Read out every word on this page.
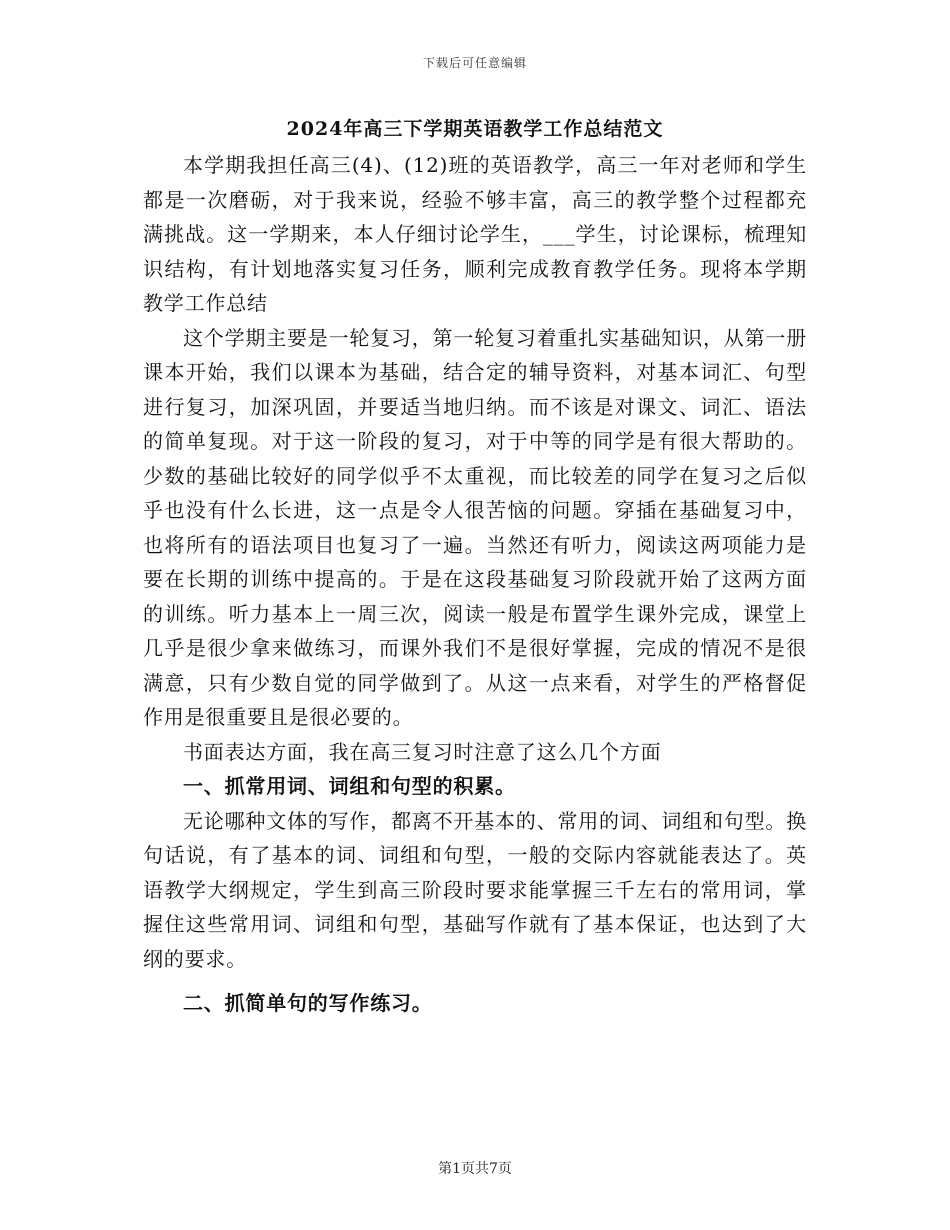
下载后可任意编辑
2024年高三下学期英语教学工作总结范文

本学期我担任高三(4)、(12)班的英语教学，高三一年对老师和学生都是一次磨砺，对于我来说，经验不够丰富，高三的教学整个过程都充满挑战。这一学期来，本人仔细讨论学生，___学生，讨论课标，梳理知识结构，有计划地落实复习任务，顺利完成教育教学任务。现将本学期教学工作总结

这个学期主要是一轮复习，第一轮复习着重扎实基础知识，从第一册课本开始，我们以课本为基础，结合定的辅导资料，对基本词汇、句型进行复习，加深巩固，并要适当地归纳。而不该是对课文、词汇、语法的简单复现。对于这一阶段的复习，对于中等的同学是有很大帮助的。少数的基础比较好的同学似乎不太重视，而比较差的同学在复习之后似乎也没有什么长进，这一点是令人很苦恼的问题。穿插在基础复习中，也将所有的语法项目也复习了一遍。当然还有听力，阅读这两项能力是要在长期的训练中提高的。于是在这段基础复习阶段就开始了这两方面的训练。听力基本上一周三次，阅读一般是布置学生课外完成，课堂上几乎是很少拿来做练习，而课外我们不是很好掌握，完成的情况不是很满意，只有少数自觉的同学做到了。从这一点来看，对学生的严格督促作用是很重要且是很必要的。

书面表达方面，我在高三复习时注意了这么几个方面

一、抓常用词、词组和句型的积累。

无论哪种文体的写作，都离不开基本的、常用的词、词组和句型。换句话说，有了基本的词、词组和句型，一般的交际内容就能表达了。英语教学大纲规定，学生到高三阶段时要求能掌握三千左右的常用词，掌握住这些常用词、词组和句型，基础写作就有了基本保证，也达到了大纲的要求。

二、抓简单句的写作练习。

第1页共7页
